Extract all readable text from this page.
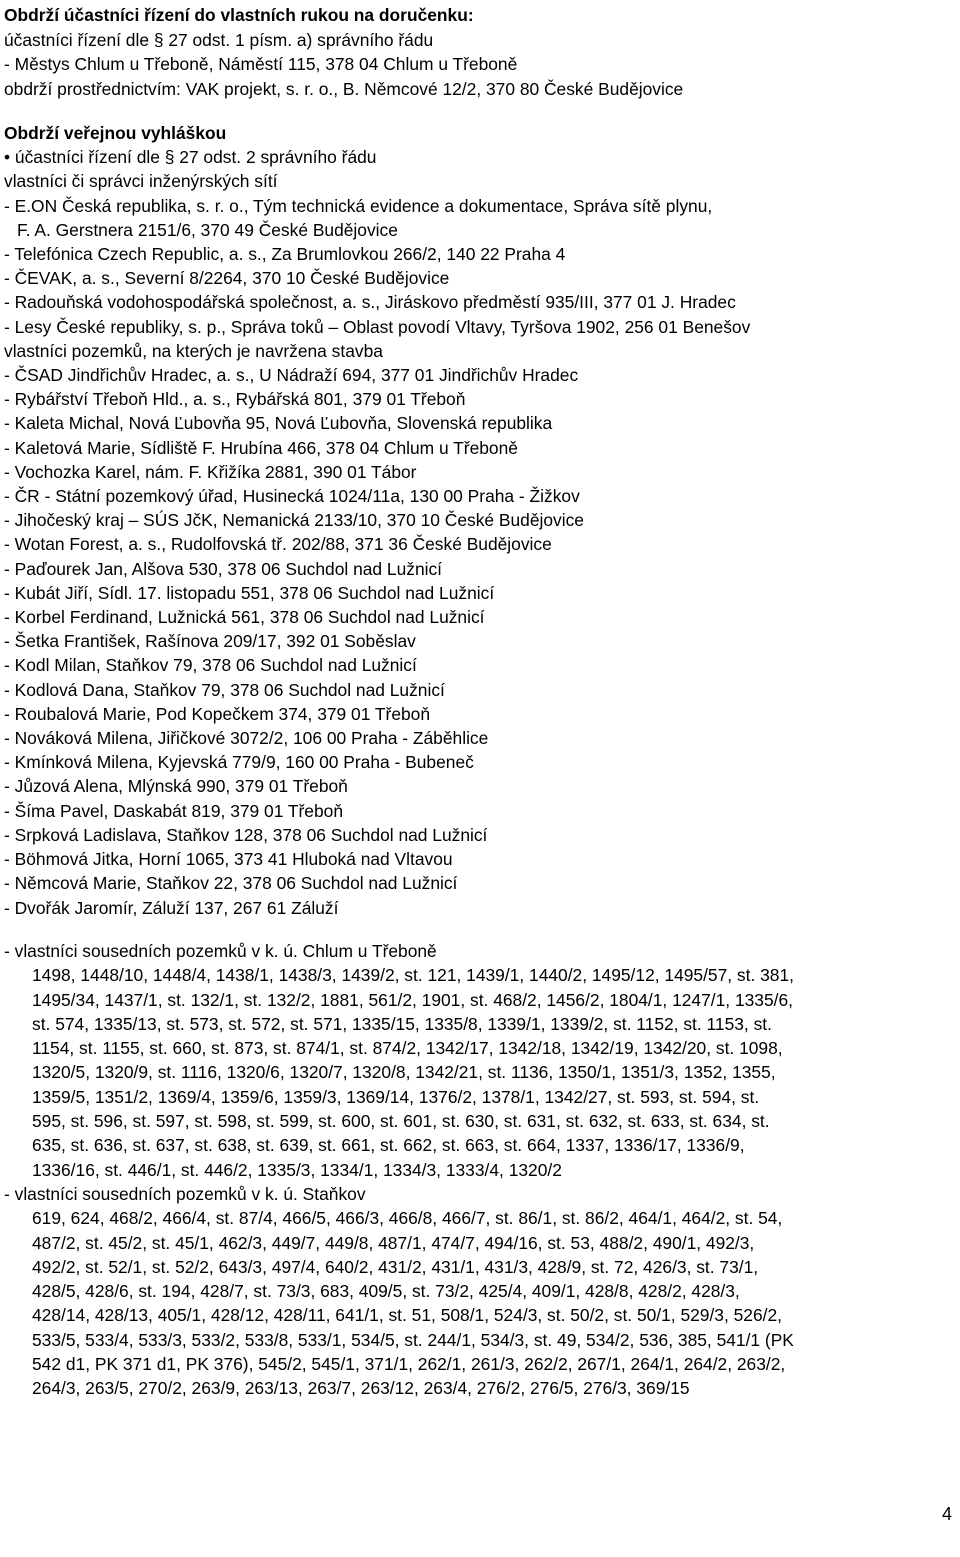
Obdrží účastníci řízení do vlastních rukou na doručenku:
účastníci řízení dle § 27 odst. 1 písm. a) správního řádu
- Městys Chlum u Třeboně, Náměstí 115, 378 04 Chlum u Třeboně
obdrží prostřednictvím: VAK projekt, s. r. o., B. Němcové 12/2, 370 80 České Budějovice
Obdrží veřejnou vyhláškou
• účastníci řízení dle § 27 odst. 2 správního řádu
vlastníci či správci inženýrských sítí
- E.ON Česká republika, s. r. o., Tým technická evidence a dokumentace, Správa sítě plynu,
F. A. Gerstnera 2151/6, 370 49 České Budějovice
- Telefónica Czech Republic, a. s., Za Brumlovkou 266/2, 140 22 Praha 4
- ČEVAK, a. s., Severní 8/2264, 370 10 České Budějovice
- Radouňská vodohospodářská společnost, a. s., Jiráskovo předměstí 935/III, 377 01 J. Hradec
- Lesy České republiky, s. p., Správa toků – Oblast povodí Vltavy, Tyršova 1902, 256 01 Benešov
vlastníci pozemků, na kterých je navržena stavba
- ČSAD Jindřichův Hradec, a. s., U Nádraží 694, 377 01 Jindřichův Hradec
- Rybářství Třeboň Hld., a. s., Rybářská 801, 379 01 Třeboň
- Kaleta Michal, Nová Ľubovňa 95, Nová Ľubovňa, Slovenská republika
- Kaletová Marie, Sídliště F. Hrubína 466, 378 04 Chlum u Třeboně
- Vochozka Karel, nám. F. Křižíka 2881, 390 01 Tábor
- ČR - Státní pozemkový úřad, Husinecká 1024/11a, 130 00 Praha - Žižkov
- Jihočeský kraj – SÚS JčK, Nemanická 2133/10, 370 10 České Budějovice
- Wotan Forest, a. s., Rudolfovská tř. 202/88, 371 36 České Budějovice
- Paďourek Jan, Alšova 530, 378 06 Suchdol nad Lužnicí
- Kubát Jiří, Sídl. 17. listopadu 551, 378 06 Suchdol nad Lužnicí
- Korbel Ferdinand, Lužnická 561, 378 06 Suchdol nad Lužnicí
- Šetka František, Rašínova 209/17, 392 01 Soběslav
- Kodl Milan, Staňkov 79, 378 06 Suchdol nad Lužnicí
- Kodlová Dana, Staňkov 79, 378 06 Suchdol nad Lužnicí
- Roubalová Marie, Pod Kopečkem 374, 379 01 Třeboň
- Nováková Milena, Jiřičkové 3072/2, 106 00 Praha - Záběhlice
- Kmínková Milena, Kyjevská 779/9, 160 00 Praha - Bubeneč
- Jůzová Alena, Mlýnská 990, 379 01 Třeboň
- Šíma Pavel, Daskabát 819, 379 01 Třeboň
- Srpková Ladislava, Staňkov 128, 378 06 Suchdol nad Lužnicí
- Böhmová Jitka, Horní 1065, 373 41 Hluboká nad Vltavou
- Němcová Marie, Staňkov 22, 378 06 Suchdol nad Lužnicí
- Dvořák Jaromír, Záluží 137, 267 61 Záluží
- vlastníci sousedních pozemků v k. ú. Chlum u Třeboně
1498, 1448/10, 1448/4, 1438/1, 1438/3, 1439/2, st. 121, 1439/1, 1440/2, 1495/12, 1495/57, st. 381,
1495/34, 1437/1, st. 132/1, st. 132/2, 1881, 561/2, 1901, st. 468/2, 1456/2, 1804/1, 1247/1, 1335/6,
st. 574, 1335/13, st. 573, st. 572, st. 571, 1335/15, 1335/8, 1339/1, 1339/2, st. 1152, st. 1153, st.
1154, st. 1155, st. 660, st. 873, st. 874/1, st. 874/2, 1342/17, 1342/18, 1342/19, 1342/20, st. 1098,
1320/5, 1320/9, st. 1116, 1320/6, 1320/7, 1320/8, 1342/21, st. 1136, 1350/1, 1351/3, 1352, 1355,
1359/5, 1351/2, 1369/4, 1359/6, 1359/3, 1369/14, 1376/2, 1378/1, 1342/27, st. 593, st. 594, st.
595, st. 596, st. 597, st. 598, st. 599, st. 600, st. 601, st. 630, st. 631, st. 632, st. 633, st. 634, st.
635, st. 636, st. 637, st. 638, st. 639, st. 661, st. 662, st. 663, st. 664, 1337, 1336/17, 1336/9,
1336/16, st. 446/1, st. 446/2, 1335/3, 1334/1, 1334/3, 1333/4, 1320/2
- vlastníci sousedních pozemků v k. ú. Staňkov
619, 624, 468/2, 466/4, st. 87/4, 466/5, 466/3, 466/8, 466/7, st. 86/1, st. 86/2, 464/1, 464/2, st. 54,
487/2, st. 45/2, st. 45/1, 462/3, 449/7, 449/8, 487/1, 474/7, 494/16, st. 53, 488/2, 490/1, 492/3,
492/2, st. 52/1, st. 52/2, 643/3, 497/4, 640/2, 431/2, 431/1, 431/3, 428/9, st. 72, 426/3, st. 73/1,
428/5, 428/6, st. 194, 428/7, st. 73/3, 683, 409/5, st. 73/2, 425/4, 409/1, 428/8, 428/2, 428/3,
428/14, 428/13, 405/1, 428/12, 428/11, 641/1, st. 51, 508/1, 524/3, st. 50/2, st. 50/1, 529/3, 526/2,
533/5, 533/4, 533/3, 533/2, 533/8, 533/1, 534/5, st. 244/1, 534/3, st. 49, 534/2, 536, 385, 541/1 (PK
542 d1, PK 371 d1, PK 376), 545/2, 545/1, 371/1, 262/1, 261/3, 262/2, 267/1, 264/1, 264/2, 263/2,
264/3, 263/5, 270/2, 263/9, 263/13, 263/7, 263/12, 263/4, 276/2, 276/5, 276/3, 369/15
4
